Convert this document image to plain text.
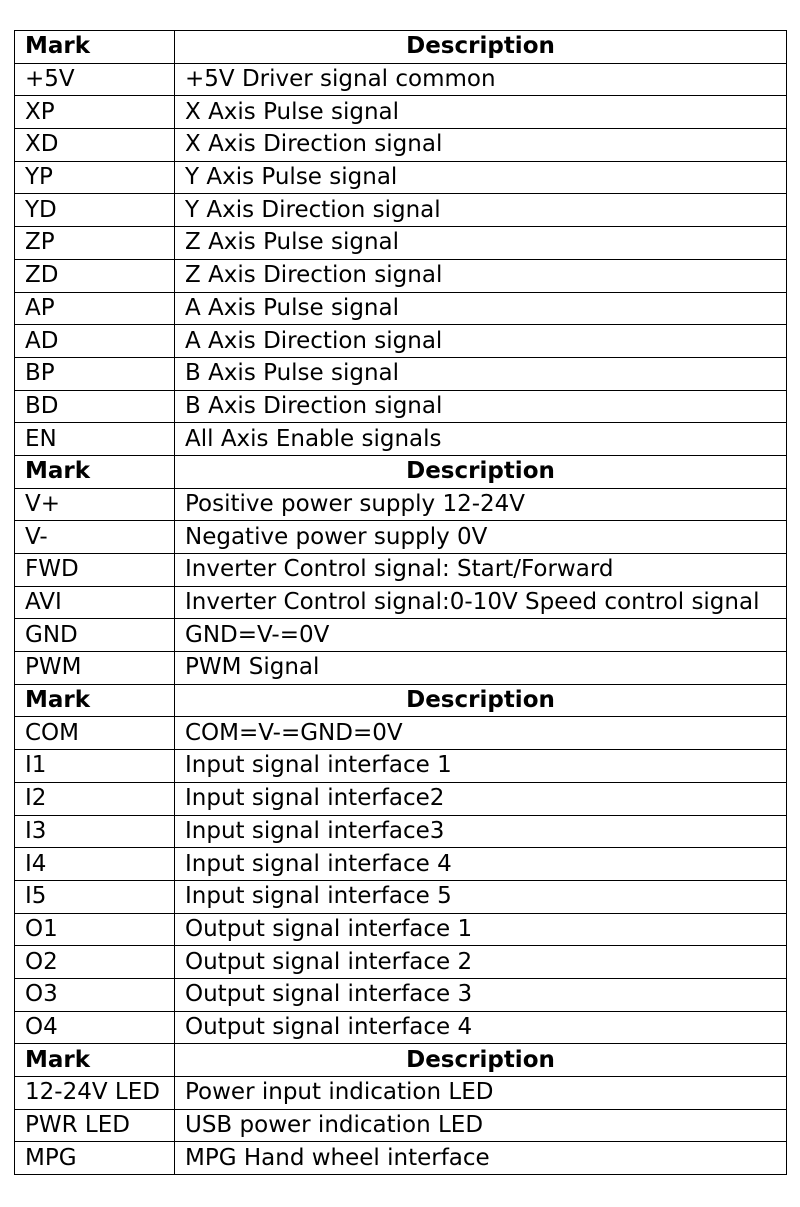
Mark	Description
+5V	+5V Driver signal common
XP	X Axis Pulse signal
XD	X Axis Direction signal
YP	Y Axis Pulse signal
YD	Y Axis Direction signal
ZP	Z Axis Pulse signal
ZD	Z Axis Direction signal
AP	A Axis Pulse signal
AD	A Axis Direction signal
BP	B Axis Pulse signal
BD	B Axis Direction signal
EN	All Axis Enable signals
Mark	Description
V+	Positive power supply 12-24V
V-	Negative power supply 0V
FWD	Inverter Control signal: Start/Forward
AVI	Inverter Control signal:0-10V Speed control signal
GND	GND=V-=0V
PWM	PWM Signal
Mark	Description
COM	COM=V-=GND=0V
I1	Input signal interface 1
I2	Input signal interface2
I3	Input signal interface3
I4	Input signal interface 4
I5	Input signal interface 5
O1	Output signal interface 1
O2	Output signal interface 2
O3	Output signal interface 3
O4	Output signal interface 4
Mark	Description
12-24V LED	Power input indication LED
PWR LED	USB power indication LED
MPG	MPG Hand wheel interface
